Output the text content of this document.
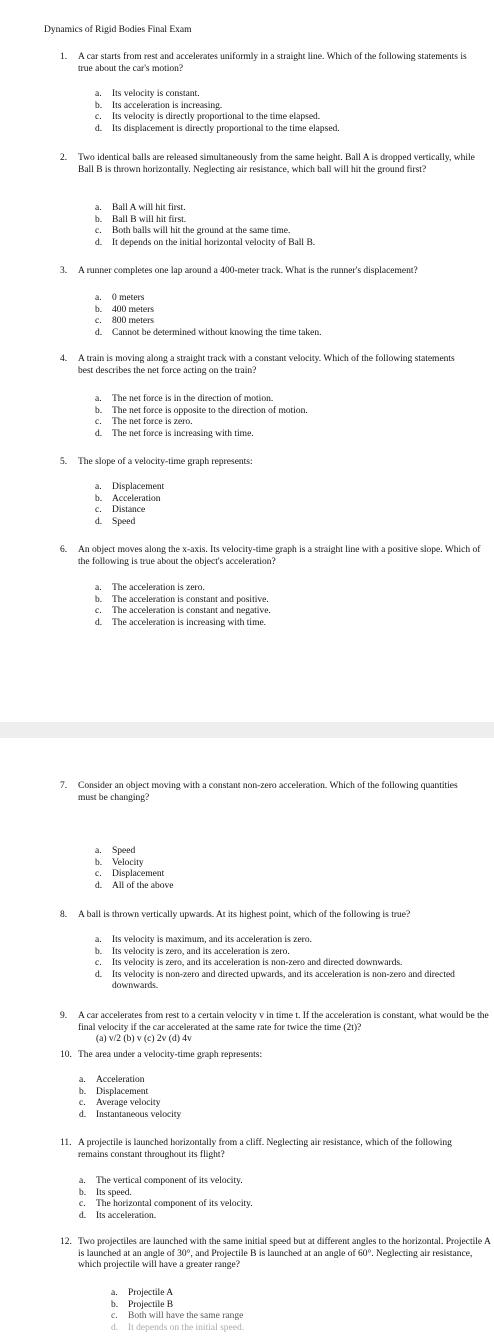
Dynamics of Rigid Bodies Final Exam
1. A car starts from rest and accelerates uniformly in a straight line. Which of the following statements is true about the car's motion?
a. Its velocity is constant.
b. Its acceleration is increasing.
c. Its velocity is directly proportional to the time elapsed.
d. Its displacement is directly proportional to the time elapsed.
2. Two identical balls are released simultaneously from the same height. Ball A is dropped vertically, while Ball B is thrown horizontally. Neglecting air resistance, which ball will hit the ground first?
a. Ball A will hit first.
b. Ball B will hit first.
c. Both balls will hit the ground at the same time.
d. It depends on the initial horizontal velocity of Ball B.
3. A runner completes one lap around a 400-meter track. What is the runner's displacement?
a. 0 meters
b. 400 meters
c. 800 meters
d. Cannot be determined without knowing the time taken.
4. A train is moving along a straight track with a constant velocity. Which of the following statements best describes the net force acting on the train?
a. The net force is in the direction of motion.
b. The net force is opposite to the direction of motion.
c. The net force is zero.
d. The net force is increasing with time.
5. The slope of a velocity-time graph represents:
a. Displacement
b. Acceleration
c. Distance
d. Speed
6. An object moves along the x-axis. Its velocity-time graph is a straight line with a positive slope. Which of the following is true about the object's acceleration?
a. The acceleration is zero.
b. The acceleration is constant and positive.
c. The acceleration is constant and negative.
d. The acceleration is increasing with time.
7. Consider an object moving with a constant non-zero acceleration. Which of the following quantities must be changing?
a. Speed
b. Velocity
c. Displacement
d. All of the above
8. A ball is thrown vertically upwards. At its highest point, which of the following is true?
a. Its velocity is maximum, and its acceleration is zero.
b. Its velocity is zero, and its acceleration is zero.
c. Its velocity is zero, and its acceleration is non-zero and directed downwards.
d. Its velocity is non-zero and directed upwards, and its acceleration is non-zero and directed downwards.
9. A car accelerates from rest to a certain velocity v in time t. If the acceleration is constant, what would be the final velocity if the car accelerated at the same rate for twice the time (2t)?
(a) v/2 (b) v (c) 2v (d) 4v
10. The area under a velocity-time graph represents:
a. Acceleration
b. Displacement
c. Average velocity
d. Instantaneous velocity
11. A projectile is launched horizontally from a cliff. Neglecting air resistance, which of the following remains constant throughout its flight?
a. The vertical component of its velocity.
b. Its speed.
c. The horizontal component of its velocity.
d. Its acceleration.
12. Two projectiles are launched with the same initial speed but at different angles to the horizontal. Projectile A is launched at an angle of 30°, and Projectile B is launched at an angle of 60°. Neglecting air resistance, which projectile will have a greater range?
a. Projectile A
b. Projectile B
c. Both will have the same range
d. It depends on the initial speed.
